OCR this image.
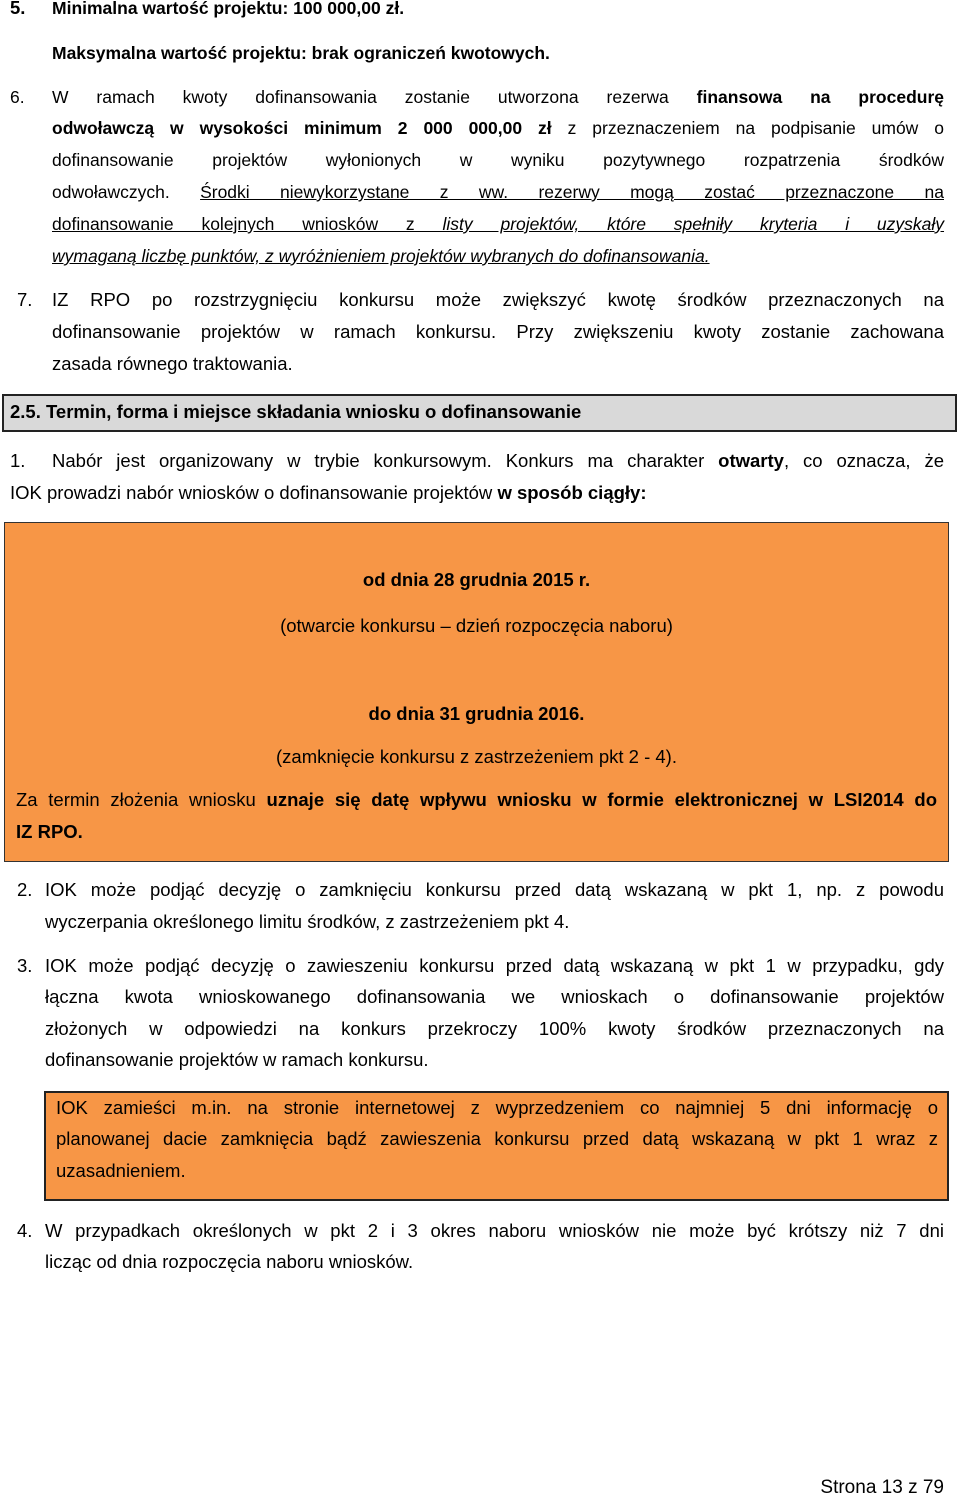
5. Minimalna wartość projektu: 100 000,00 zł.
Maksymalna wartość projektu: brak ograniczeń kwotowych.
6. W ramach kwoty dofinansowania zostanie utworzona rezerwa finansowa na procedurę
odwoławczą w wysokości minimum 2 000 000,00 zł z przeznaczeniem na podpisanie umów o
dofinansowanie projektów wyłonionych w wyniku pozytywnego rozpatrzenia środków
odwoławczych. Środki niewykorzystane z ww. rezerwy mogą zostać przeznaczone na
dofinansowanie kolejnych wniosków z listy projektów, które spełniły kryteria i uzyskały
wymaganą liczbę punktów, z wyróżnieniem projektów wybranych do dofinansowania.
7. IZ RPO po rozstrzygnięciu konkursu może zwiększyć kwotę środków przeznaczonych na
dofinansowanie projektów w ramach konkursu. Przy zwiększeniu kwoty zostanie zachowana
zasada równego traktowania.
2.5. Termin, forma i miejsce składania wniosku o dofinansowanie
1. Nabór jest organizowany w trybie konkursowym. Konkurs ma charakter otwarty, co oznacza, że
IOK prowadzi nabór wniosków o dofinansowanie projektów w sposób ciągły:
od dnia 28 grudnia 2015 r.
(otwarcie konkursu – dzień rozpoczęcia naboru)
do dnia 31 grudnia 2016.
(zamknięcie konkursu z zastrzeżeniem pkt 2 - 4).
Za termin złożenia wniosku uznaje się datę wpływu wniosku w formie elektronicznej w LSI2014 do
IZ RPO.
2. IOK może podjąć decyzję o zamknięciu konkursu przed datą wskazaną w pkt 1, np. z powodu
wyczerpania określonego limitu środków, z zastrzeżeniem pkt 4.
3. IOK może podjąć decyzję o zawieszeniu konkursu przed datą wskazaną w pkt 1 w przypadku, gdy
łączna kwota wnioskowanego dofinansowania we wnioskach o dofinansowanie projektów
złożonych w odpowiedzi na konkurs przekroczy 100% kwoty środków przeznaczonych na
dofinansowanie projektów w ramach konkursu.
IOK zamieści m.in. na stronie internetowej z wyprzedzeniem co najmniej 5 dni informację o
planowanej dacie zamknięcia bądź zawieszenia konkursu przed datą wskazaną w pkt 1 wraz z
uzasadnieniem.
4. W przypadkach określonych w pkt 2 i 3 okres naboru wniosków nie może być krótszy niż 7 dni
licząc od dnia rozpoczęcia naboru wniosków.
Strona 13 z 79
